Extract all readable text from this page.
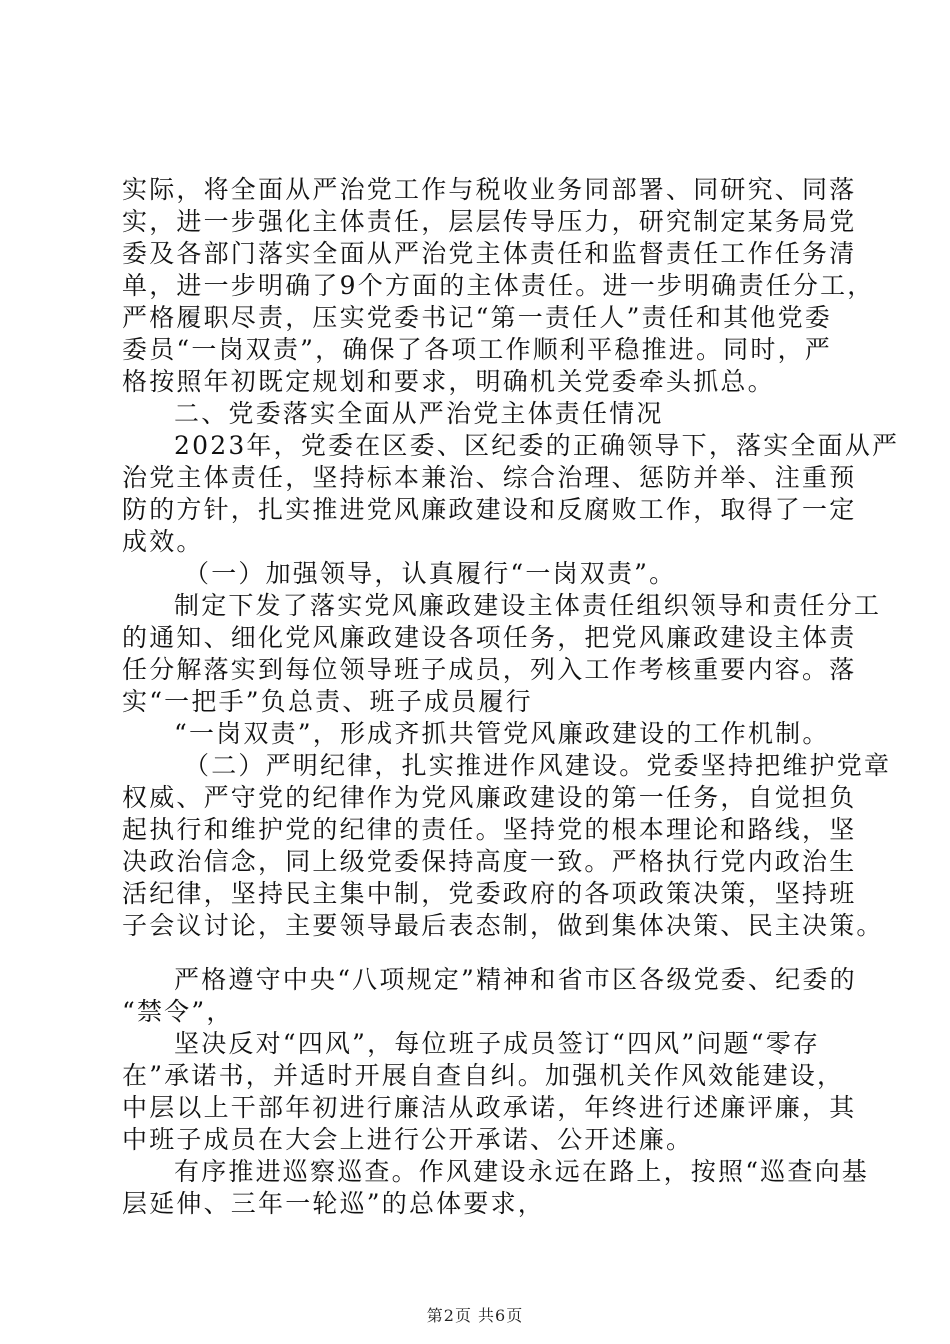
实际，将全面从严治党工作与税收业务同部署、同研究、同落
实，进一步强化主体责任，层层传导压力，研究制定某务局党
委及各部门落实全面从严治党主体责任和监督责任工作任务清
单，进一步明确了9个方面的主体责任。进一步明确责任分工，
严格履职尽责，压实党委书记“第一责任人”责任和其他党委
委员“一岗双责”，确保了各项工作顺利平稳推进。同时，严
格按照年初既定规划和要求，明确机关党委牵头抓总。
二、党委落实全面从严治党主体责任情况
2023年，党委在区委、区纪委的正确领导下，落实全面从严
治党主体责任，坚持标本兼治、综合治理、惩防并举、注重预
防的方针，扎实推进党风廉政建设和反腐败工作，取得了一定
成效。
（一）加强领导，认真履行“一岗双责”。
制定下发了落实党风廉政建设主体责任组织领导和责任分工
的通知、细化党风廉政建设各项任务，把党风廉政建设主体责
任分解落实到每位领导班子成员，列入工作考核重要内容。落
实“一把手”负总责、班子成员履行
“一岗双责”，形成齐抓共管党风廉政建设的工作机制。
（二）严明纪律，扎实推进作风建设。党委坚持把维护党章
权威、严守党的纪律作为党风廉政建设的第一任务，自觉担负
起执行和维护党的纪律的责任。坚持党的根本理论和路线，坚
决政治信念，同上级党委保持高度一致。严格执行党内政治生
活纪律，坚持民主集中制，党委政府的各项政策决策，坚持班
子会议讨论，主要领导最后表态制，做到集体决策、民主决策。
严格遵守中央“八项规定”精神和省市区各级党委、纪委的
“禁令”，
坚决反对“四风”，每位班子成员签订“四风”问题“零存
在”承诺书，并适时开展自查自纠。加强机关作风效能建设，
中层以上干部年初进行廉洁从政承诺，年终进行述廉评廉，其
中班子成员在大会上进行公开承诺、公开述廉。
有序推进巡察巡查。作风建设永远在路上，按照“巡查向基
层延伸、三年一轮巡”的总体要求，
第2页 共6页
